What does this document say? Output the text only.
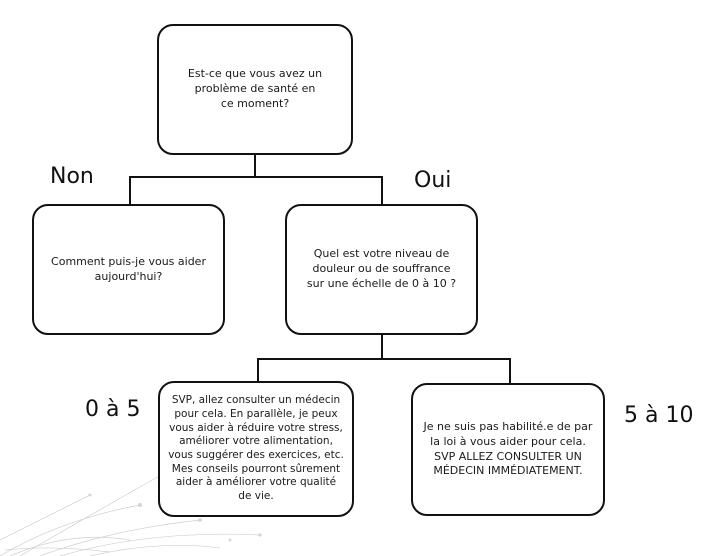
Est-ce que vous avez un problème de santé en ce moment?
Comment puis-je vous aider aujourd'hui?
Quel est votre niveau de douleur ou de souffrance sur une échelle de 0 à 10 ?
SVP, allez consulter un médecin pour cela. En parallèle, je peux vous aider à réduire votre stress, améliorer votre alimentation, vous suggérer des exercices, etc. Mes conseils pourront sûrement aider à améliorer votre qualité de vie.
Je ne suis pas habilité.e de par la loi à vous aider pour cela. SVP ALLEZ CONSULTER UN MÉDECIN IMMÉDIATEMENT.
Non	Oui
0 à 5	5 à 10
